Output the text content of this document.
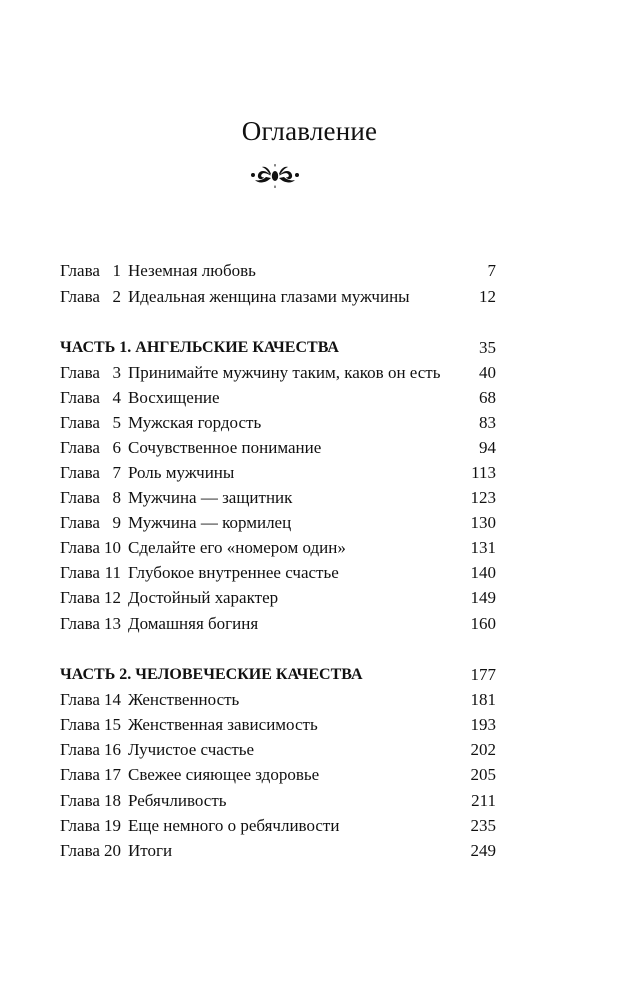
Оглавление
Глава 1 Неземная любовь	7
Глава 2 Идеальная женщина глазами мужчины	12
ЧАСТЬ 1. АНГЕЛЬСКИЕ КАЧЕСТВА	35
Глава 3 Принимайте мужчину таким, каков он есть 40
Глава 4 Восхищение	68
Глава 5 Мужская гордость	83
Глава 6 Сочувственное понимание	94
Глава 7 Роль мужчины	113
Глава 8 Мужчина — защитник	123
Глава 9 Мужчина — кормилец	130
Глава 10 Сделайте его «номером один»	131
Глава 11 Глубокое внутреннее счастье	140
Глава 12 Достойный характер	149
Глава 13 Домашняя богиня	160
ЧАСТЬ 2. ЧЕЛОВЕЧЕСКИЕ КАЧЕСТВА	177
Глава 14 Женственность	181
Глава 15 Женственная зависимость	193
Глава 16 Лучистое счастье	202
Глава 17 Свежее сияющее здоровье	205
Глава 18 Ребячливость	211
Глава 19 Еще немного о ребячливости	235
Глава 20 Итоги	249
